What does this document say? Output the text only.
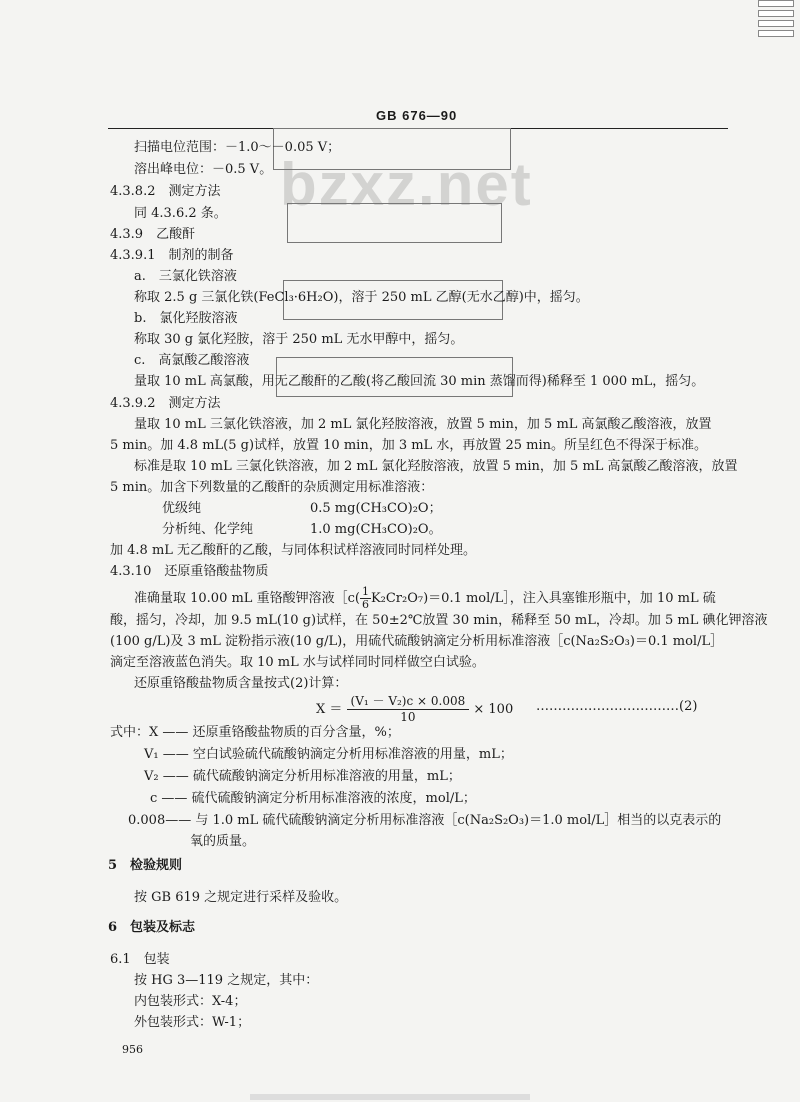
GB 676—90
bzxz.net
扫描电位范围：－1.0～－0.05 V；
溶出峰电位：－0.5 V。
4.3.8.2　测定方法
同 4.3.6.2 条。
4.3.9　乙酸酐
4.3.9.1　制剂的制备
a.　三氯化铁溶液
称取 2.5 g 三氯化铁(FeCl₃·6H₂O)，溶于 250 mL 乙醇(无水乙醇)中，摇匀。
b.　氯化羟胺溶液
称取 30 g 氯化羟胺，溶于 250 mL 无水甲醇中，摇匀。
c.　高氯酸乙酸溶液
量取 10 mL 高氯酸，用无乙酸酐的乙酸(将乙酸回流 30 min 蒸馏而得)稀释至 1 000 mL，摇匀。
4.3.9.2　测定方法
量取 10 mL 三氯化铁溶液，加 2 mL 氯化羟胺溶液，放置 5 min，加 5 mL 高氯酸乙酸溶液，放置
5 min。加 4.8 mL(5 g)试样，放置 10 min，加 3 mL 水，再放置 25 min。所呈红色不得深于标准。
标准是取 10 mL 三氯化铁溶液，加 2 mL 氯化羟胺溶液，放置 5 min，加 5 mL 高氯酸乙酸溶液，放置
5 min。加含下列数量的乙酸酐的杂质测定用标准溶液：
优级纯	0.5 mg(CH₃CO)₂O；
分析纯、化学纯	1.0 mg(CH₃CO)₂O。
加 4.8 mL 无乙酸酐的乙酸，与同体积试样溶液同时同样处理。
4.3.10　还原重铬酸盐物质
准确量取 10.00 mL 重铬酸钾溶液［c( $\frac{1}{6} K_2Cr_2O_7)=0.1$ mol/L］，注入具塞锥形瓶中，加 10 mL 硫
酸，摇匀，冷却，加 9.5 mL(10 g)试样，在 50±2℃放置 30 min，稀释至 50 mL，冷却。加 5 mL 碘化钾溶液
(100 g/L)及 3 mL 淀粉指示液(10 g/L)，用硫代硫酸钠滴定分析用标准溶液［c(Na₂S₂O₃)＝0.1 mol/L］
滴定至溶液蓝色消失。取 10 mL 水与试样同时同样做空白试验。
还原重铬酸盐物质含量按式(2)计算：
$X = \frac{\text{(V₁ － V₂)c × 0.008}}{10} \times 100$ ……………………………(2)
式中：X —— 还原重铬酸盐物质的百分含量，%；
V₁ —— 空白试验硫代硫酸钠滴定分析用标准溶液的用量，mL；
V₂ —— 硫代硫酸钠滴定分析用标准溶液的用量，mL；
c —— 硫代硫酸钠滴定分析用标准溶液的浓度，mol/L；
0.008—— 与 1.0 mL 硫代硫酸钠滴定分析用标准溶液［c(Na₂S₂O₃)＝1.0 mol/L］相当的以克表示的
氧的质量。
5　检验规则
按 GB 619 之规定进行采样及验收。
6　包装及标志
6.1　包装
按 HG 3—119 之规定，其中：
内包装形式：X-4；
外包装形式：W-1；
956
